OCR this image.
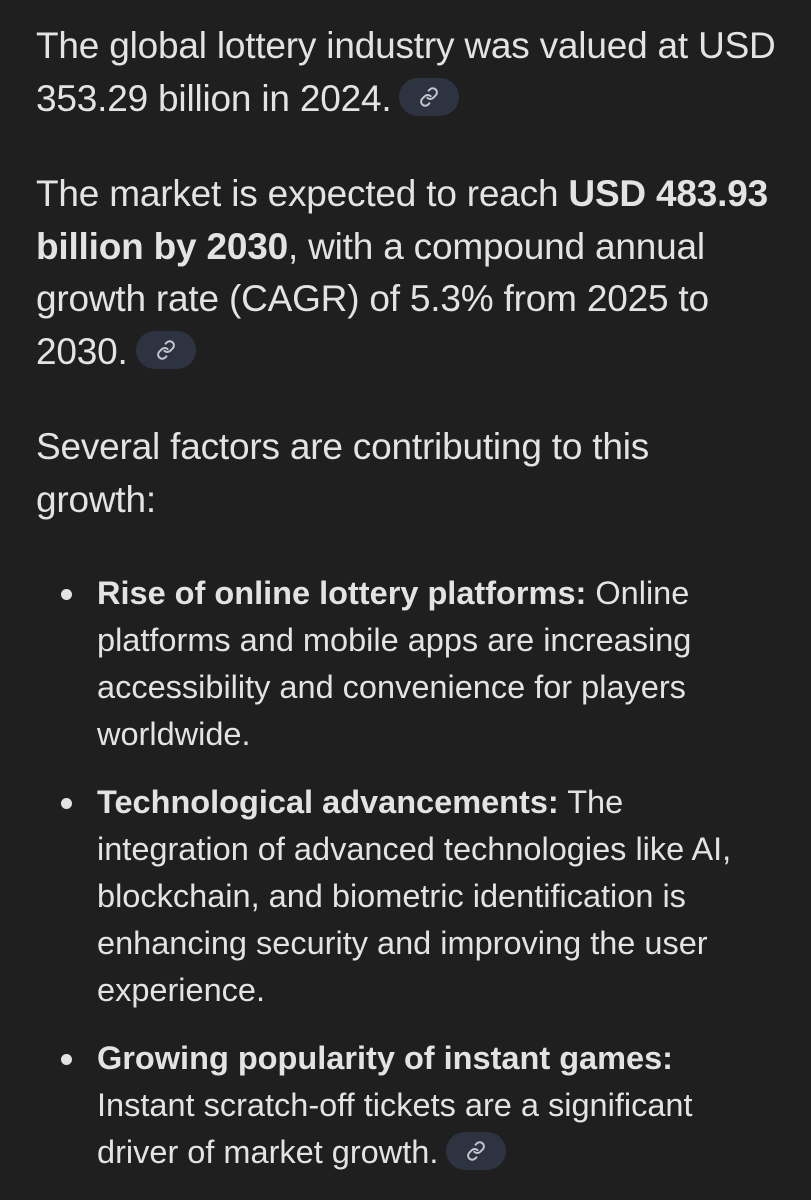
The global lottery industry was valued at USD 353.29 billion in 2024.

The market is expected to reach USD 483.93 billion by 2030, with a compound annual growth rate (CAGR) of 5.3% from 2025 to 2030.

Several factors are contributing to this growth:

Rise of online lottery platforms: Online platforms and mobile apps are increasing accessibility and convenience for players worldwide.
Technological advancements: The integration of advanced technologies like AI, blockchain, and biometric identification is enhancing security and improving the user experience.
Growing popularity of instant games: Instant scratch-off tickets are a significant driver of market growth.
